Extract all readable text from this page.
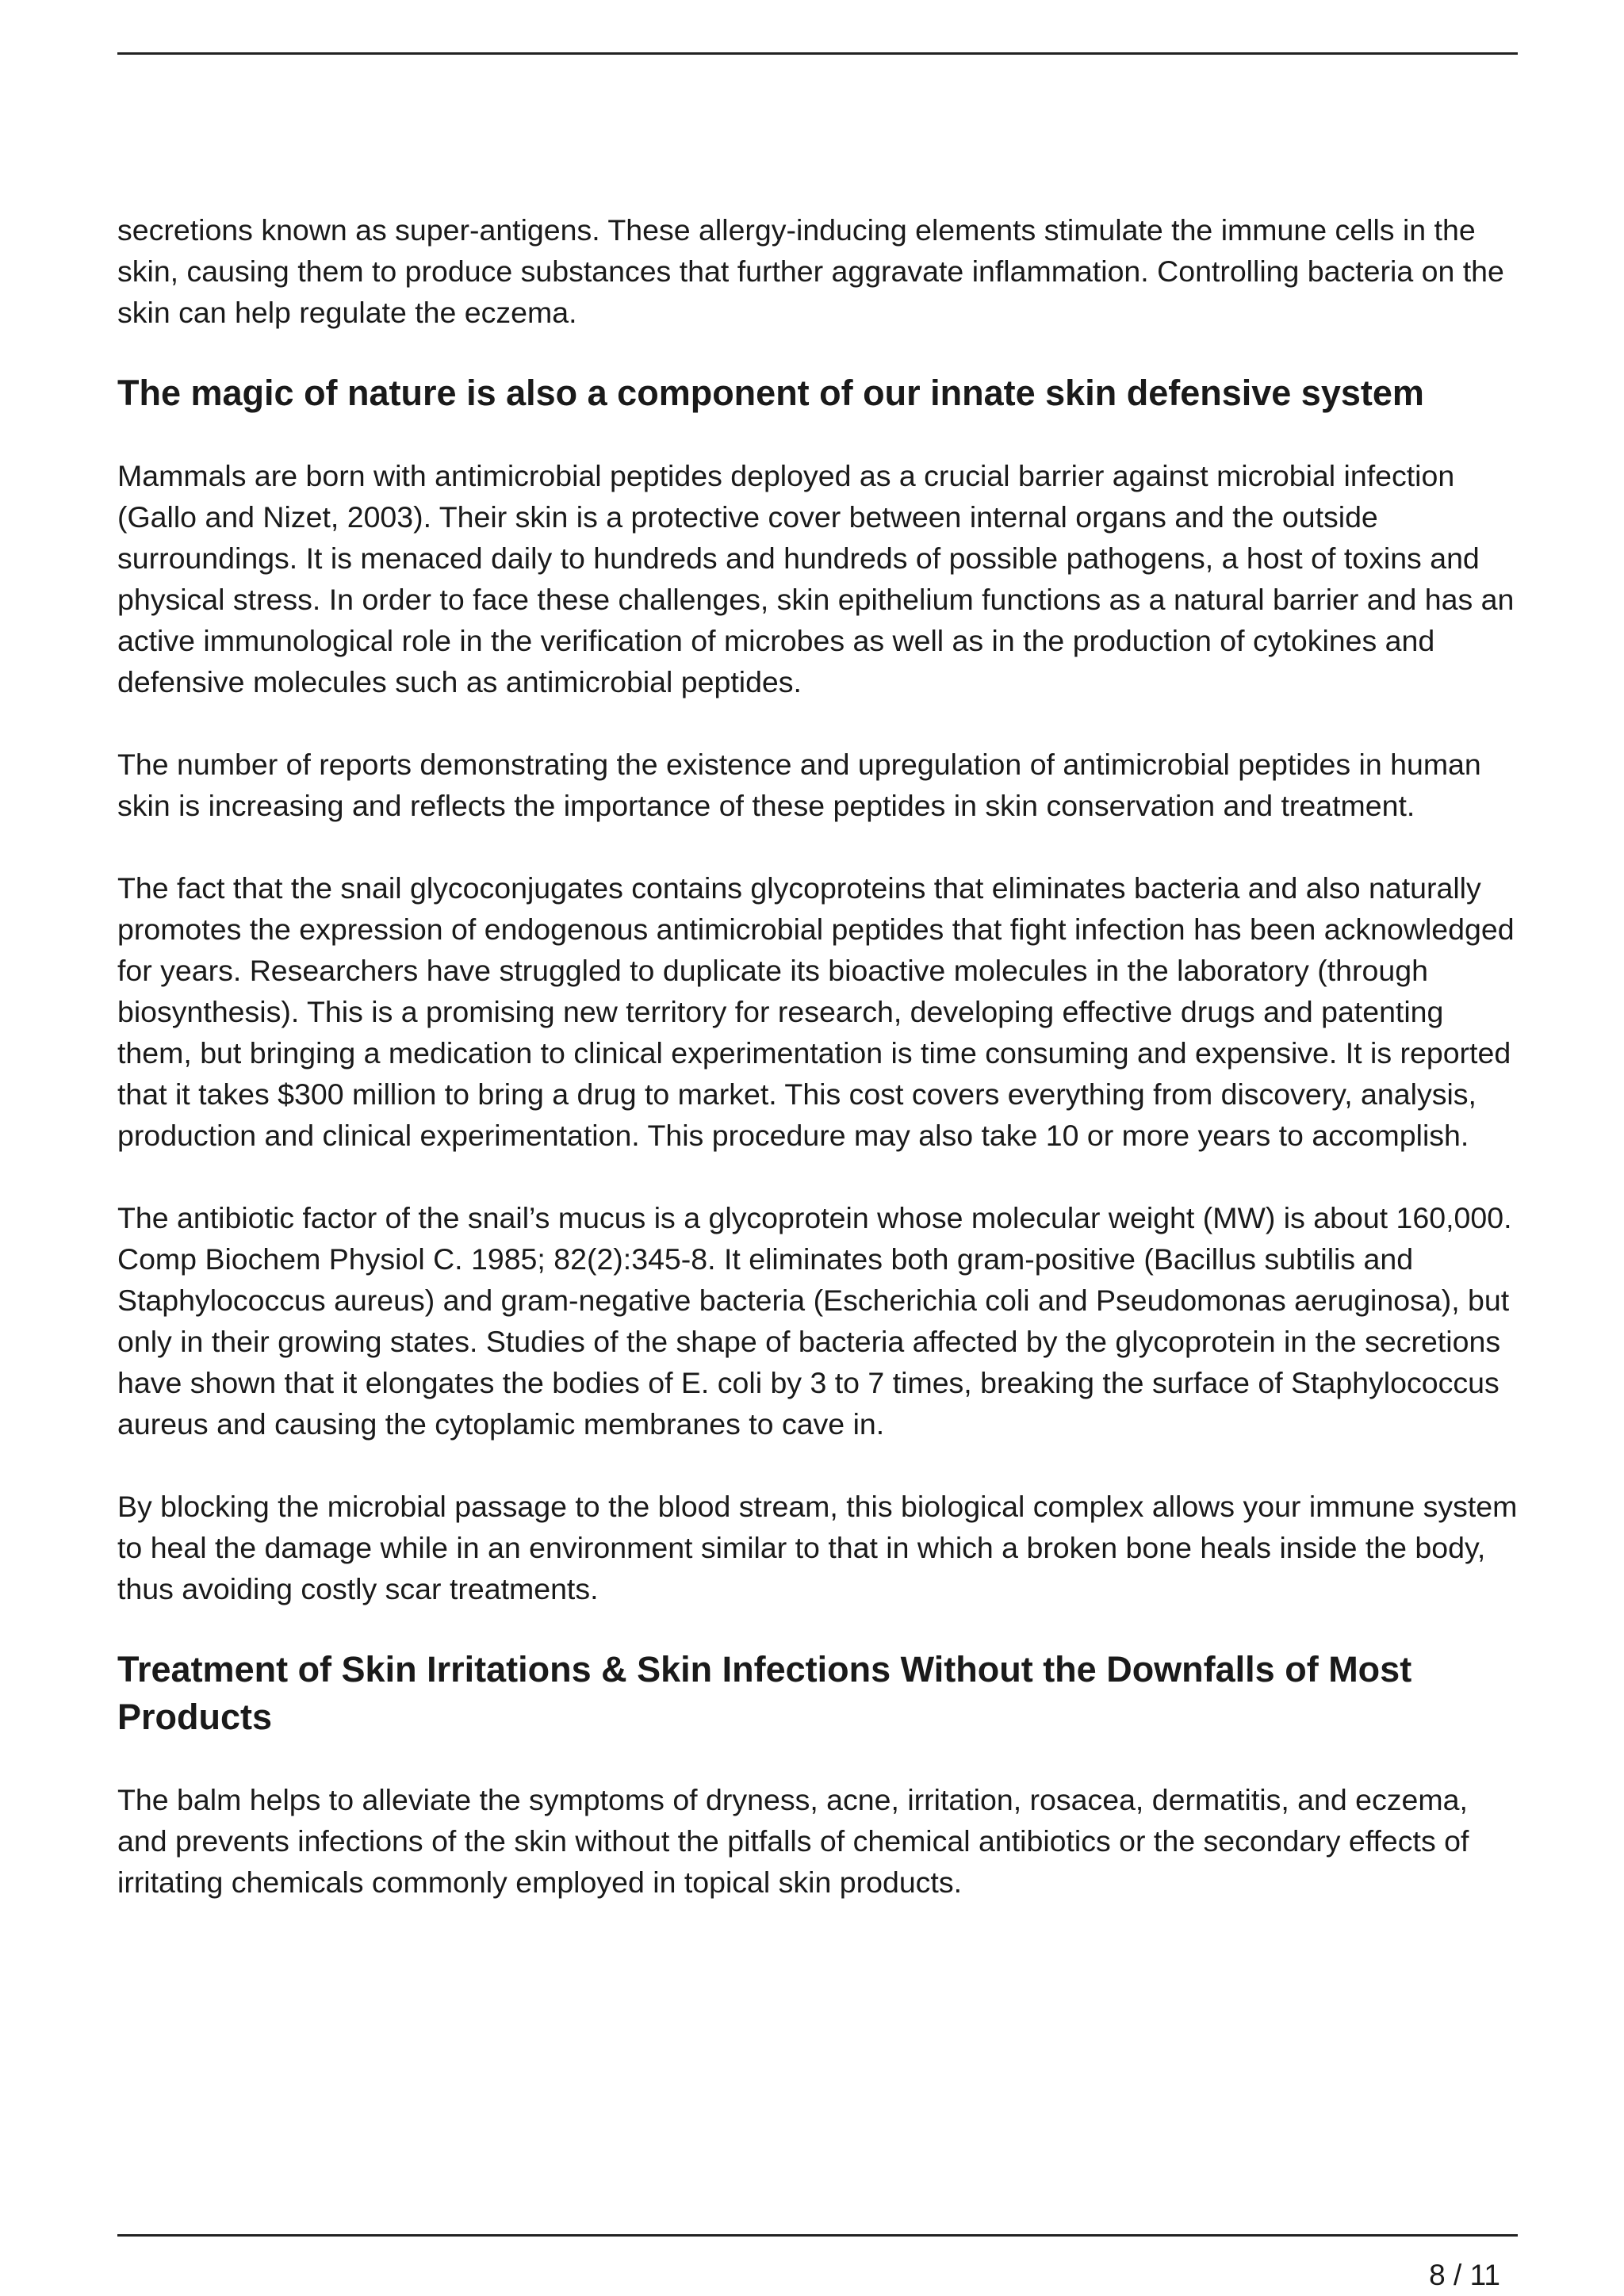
secretions known as super-antigens. These allergy-inducing elements stimulate the immune cells in the skin, causing them to produce substances that further aggravate inflammation. Controlling bacteria on the skin can help regulate the eczema.

The magic of nature is also a component of our innate skin defensive system

Mammals are born with antimicrobial peptides deployed as a crucial barrier against microbial infection (Gallo and Nizet, 2003). Their skin is a protective cover between internal organs and the outside surroundings. It is menaced daily to hundreds and hundreds of possible pathogens, a host of toxins and physical stress. In order to face these challenges, skin epithelium functions as a natural barrier and has an active immunological role in the verification of microbes as well as in the production of cytokines and defensive molecules such as antimicrobial peptides.

The number of reports demonstrating the existence and upregulation of antimicrobial peptides in human skin is increasing and reflects the importance of these peptides in skin conservation and treatment.

The fact that the snail glycoconjugates contains glycoproteins that eliminates bacteria and also naturally promotes the expression of endogenous antimicrobial peptides that fight infection has been acknowledged for years. Researchers have struggled to duplicate its bioactive molecules in the laboratory (through biosynthesis). This is a promising new territory for research, developing effective drugs and patenting them, but bringing a medication to clinical experimentation is time consuming and expensive. It is reported that it takes $300 million to bring a drug to market. This cost covers everything from discovery, analysis, production and clinical experimentation. This procedure may also take 10 or more years to accomplish.

The antibiotic factor of the snail’s mucus is a glycoprotein whose molecular weight (MW) is about 160,000. Comp Biochem Physiol C. 1985; 82(2):345-8. It eliminates both gram-positive (Bacillus subtilis and Staphylococcus aureus) and gram-negative bacteria (Escherichia coli and Pseudomonas aeruginosa), but only in their growing states. Studies of the shape of bacteria affected by the glycoprotein in the secretions have shown that it elongates the bodies of E. coli by 3 to 7 times, breaking the surface of Staphylococcus aureus and causing the cytoplamic membranes to cave in.

By blocking the microbial passage to the blood stream, this biological complex allows your immune system to heal the damage while in an environment similar to that in which a broken bone heals inside the body, thus avoiding costly scar treatments.

Treatment of Skin Irritations & Skin Infections Without the Downfalls of Most Products

The balm helps to alleviate the symptoms of dryness, acne, irritation, rosacea, dermatitis, and eczema, and prevents infections of the skin without the pitfalls of chemical antibiotics or the secondary effects of irritating chemicals commonly employed in topical skin products.

8 / 11
